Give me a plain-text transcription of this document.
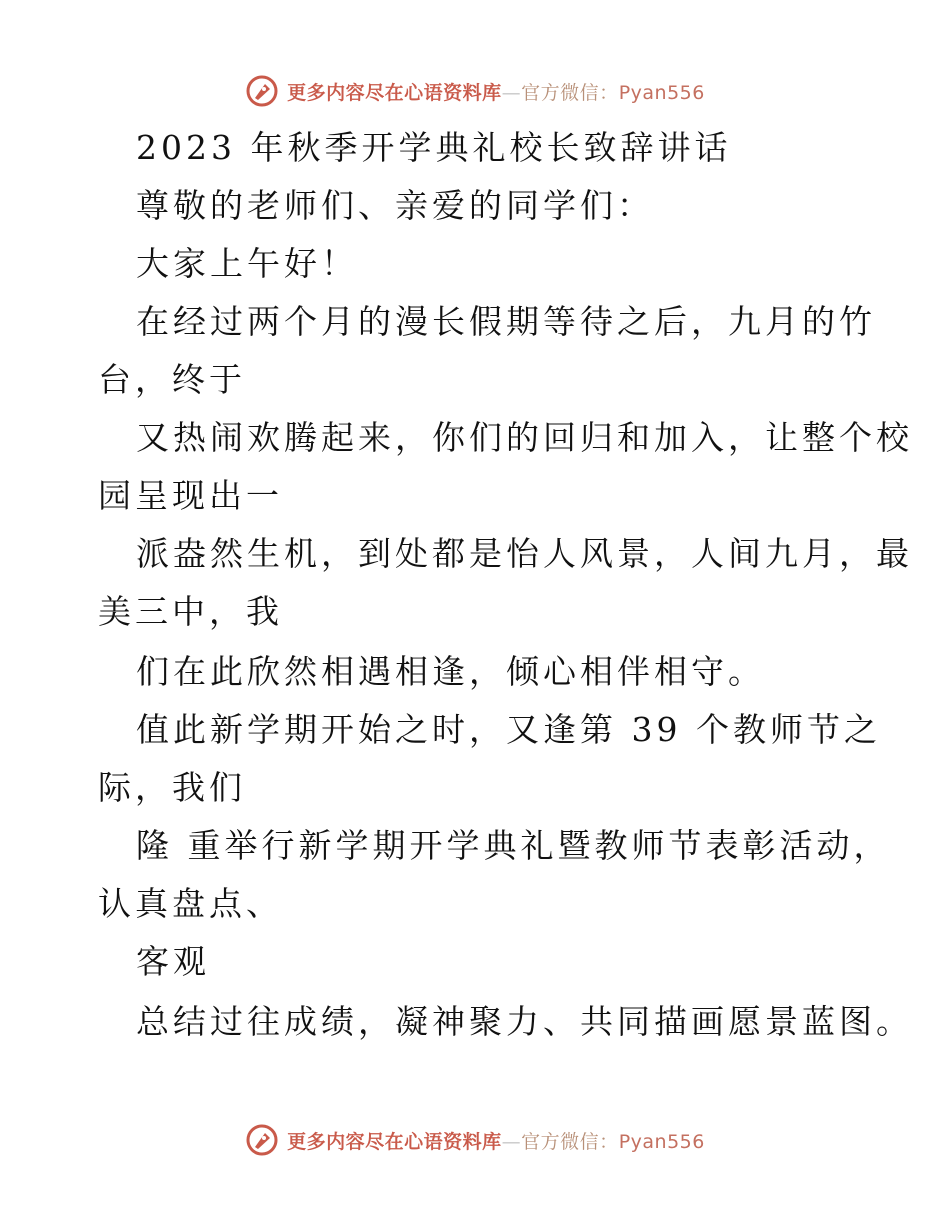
更多内容尽在心语资料库—官方微信：Pyan556
2023 年秋季开学典礼校长致辞讲话
尊敬的老师们、亲爱的同学们：
大家上午好！
在经过两个月的漫长假期等待之后，九月的竹
台，终于
又热闹欢腾起来，你们的回归和加入，让整个校
园呈现出一
派盎然生机，到处都是怡人风景，人间九月，最
美三中，我
们在此欣然相遇相逢，倾心相伴相守。
值此新学期开始之时，又逢第 39 个教师节之
际，我们
隆 重举行新学期开学典礼暨教师节表彰活动，
认真盘点、
客观
总结过往成绩，凝神聚力、共同描画愿景蓝图。
更多内容尽在心语资料库—官方微信：Pyan556
